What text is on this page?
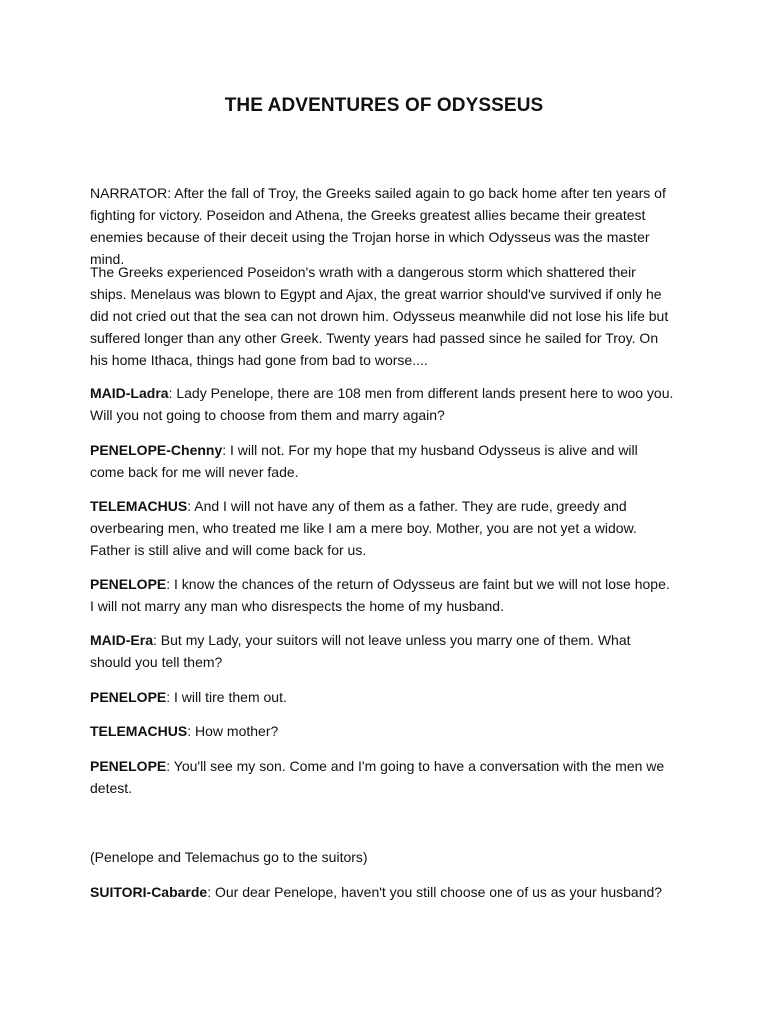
THE ADVENTURES OF ODYSSEUS

NARRATOR: After the fall of Troy, the Greeks sailed again to go back home after ten years of fighting for victory. Poseidon and Athena, the Greeks greatest allies became their greatest enemies because of their deceit using the Trojan horse in which Odysseus was the master mind.

The Greeks experienced Poseidon's wrath with a dangerous storm which shattered their ships. Menelaus was blown to Egypt and Ajax, the great warrior should've survived if only he did not cried out that the sea can not drown him. Odysseus meanwhile did not lose his life but suffered longer than any other Greek. Twenty years had passed since he sailed for Troy. On his home Ithaca, things had gone from bad to worse....

MAID-Ladra: Lady Penelope, there are 108 men from different lands present here to woo you. Will you not going to choose from them and marry again?

PENELOPE-Chenny: I will not. For my hope that my husband Odysseus is alive and will come back for me will never fade.

TELEMACHUS: And I will not have any of them as a father. They are rude, greedy and overbearing men, who treated me like I am a mere boy. Mother, you are not yet a widow. Father is still alive and will come back for us.

PENELOPE: I know the chances of the return of Odysseus are faint but we will not lose hope. I will not marry any man who disrespects the home of my husband.

MAID-Era: But my Lady, your suitors will not leave unless you marry one of them. What should you tell them?

PENELOPE: I will tire them out.

TELEMACHUS: How mother?

PENELOPE: You'll see my son. Come and I'm going to have a conversation with the men we detest.

(Penelope and Telemachus go to the suitors)

SUITORI-Cabarde: Our dear Penelope, haven't you still choose one of us as your husband?
